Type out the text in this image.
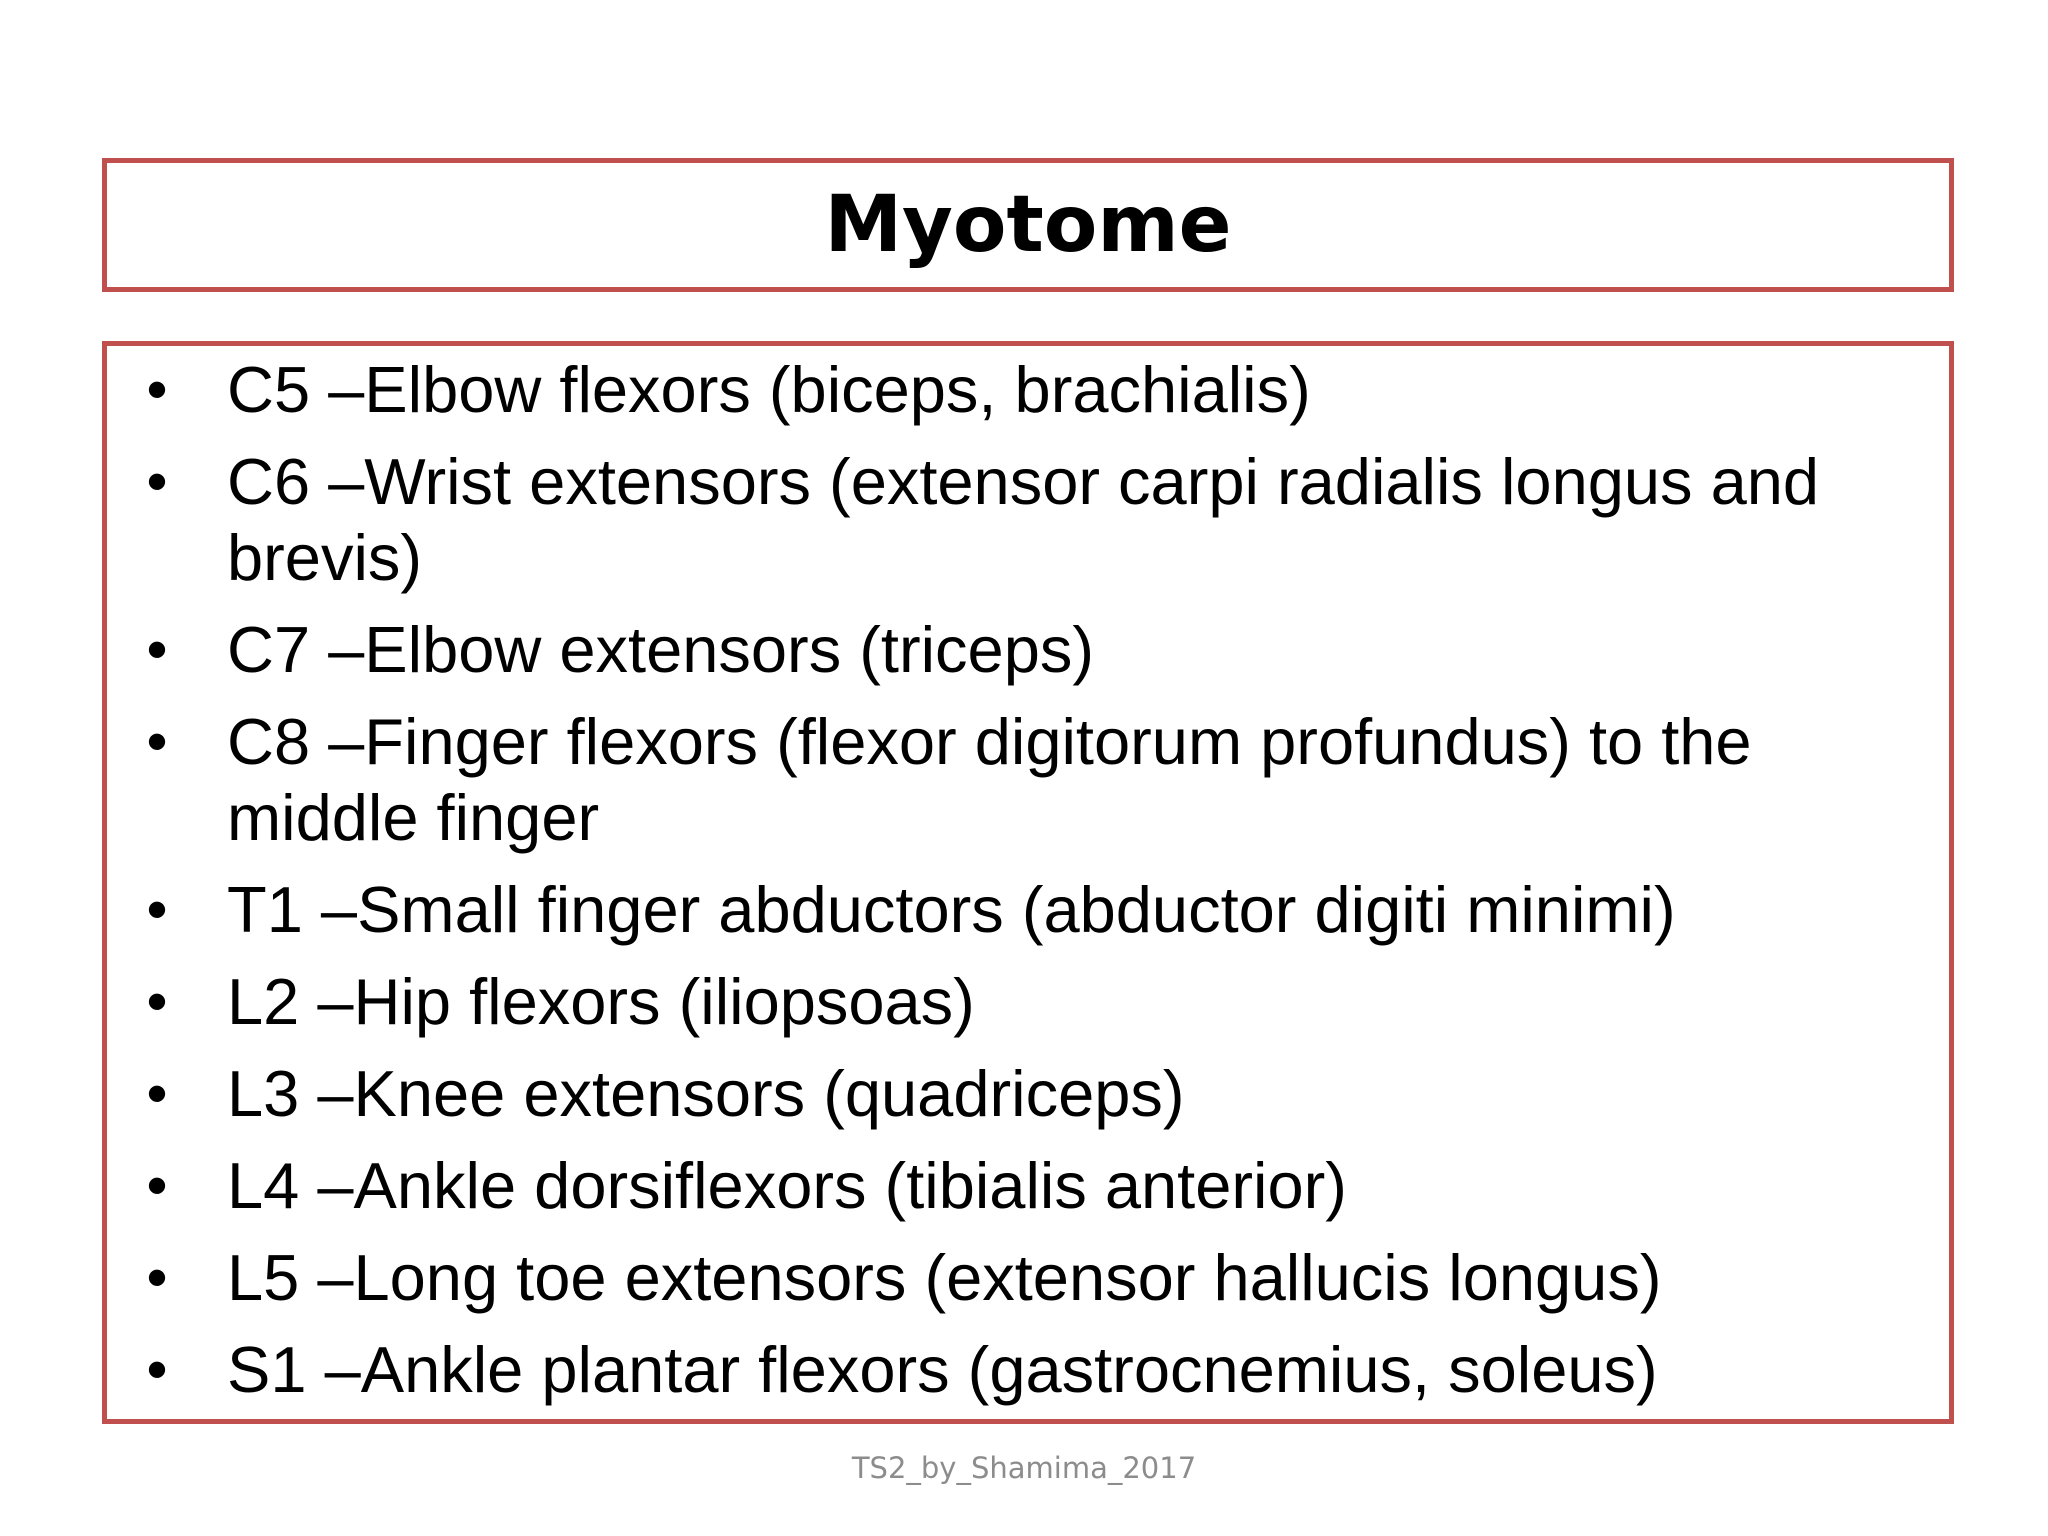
Myotome
• C5 –Elbow flexors (biceps, brachialis)
• C6 –Wrist extensors (extensor carpi radialis longus and brevis)
• C7 –Elbow extensors (triceps)
• C8 –Finger flexors (flexor digitorum profundus) to the middle finger
• T1 –Small finger abductors (abductor digiti minimi)
• L2 –Hip flexors (iliopsoas)
• L3 –Knee extensors (quadriceps)
• L4 –Ankle dorsiflexors (tibialis anterior)
• L5 –Long toe extensors (extensor hallucis longus)
• S1 –Ankle plantar flexors (gastrocnemius, soleus)
TS2_by_Shamima_2017
